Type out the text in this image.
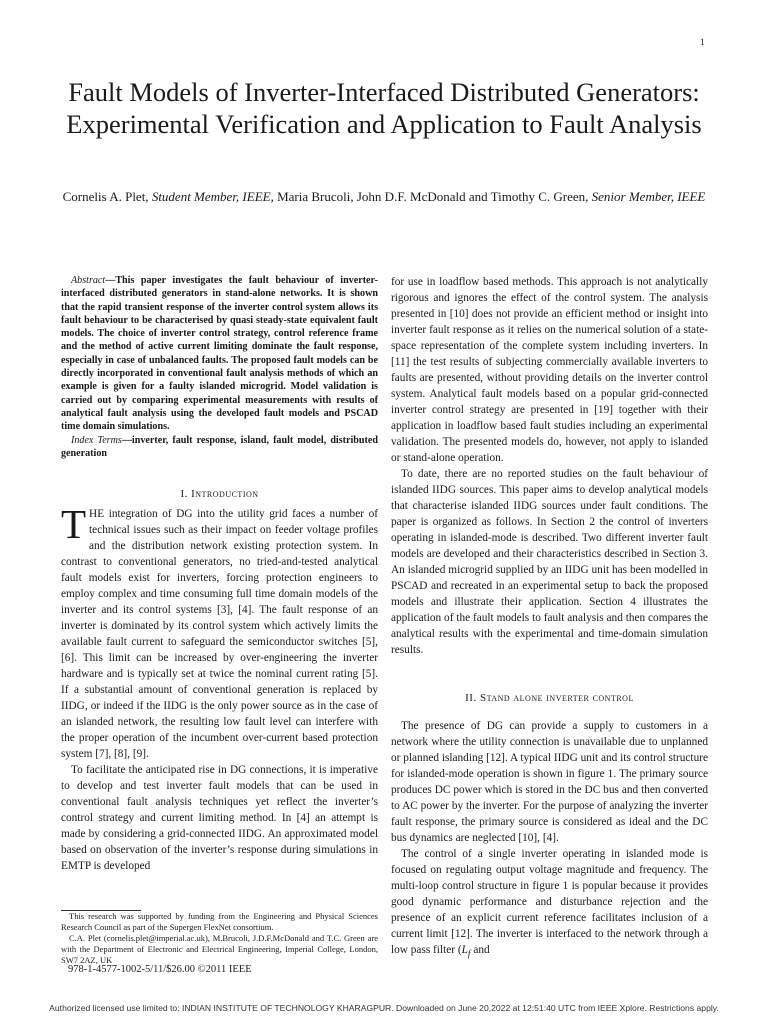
1
Fault Models of Inverter-Interfaced Distributed Generators: Experimental Verification and Application to Fault Analysis
Cornelis A. Plet, Student Member, IEEE, Maria Brucoli, John D.F. McDonald and Timothy C. Green, Senior Member, IEEE

Abstract—This paper investigates the fault behaviour of inverter-interfaced distributed generators in stand-alone networks. It is shown that the rapid transient response of the inverter control system allows its fault behaviour to be characterised by quasi steady-state equivalent fault models. The choice of inverter control strategy, control reference frame and the method of active current limiting dominate the fault response, especially in case of unbalanced faults. The proposed fault models can be directly incorporated in conventional fault analysis methods of which an example is given for a faulty islanded microgrid. Model validation is carried out by comparing experimental measurements with results of analytical fault analysis using the developed fault models and PSCAD time domain simulations.

Index Terms—inverter, fault response, island, fault model, distributed generation

I. Introduction

THE integration of DG into the utility grid faces a number of technical issues such as their impact on feeder voltage profiles and the distribution network existing protection system. In contrast to conventional generators, no tried-and-tested analytical fault models exist for inverters, forcing protection engineers to employ complex and time consuming full time domain models of the inverter and its control systems [3], [4]. The fault response of an inverter is dominated by its control system which actively limits the available fault current to safeguard the semiconductor switches [5], [6]. This limit can be increased by over-engineering the inverter hardware and is typically set at twice the nominal current rating [5]. If a substantial amount of conventional generation is replaced by IIDG, or indeed if the IIDG is the only power source as in the case of an islanded network, the resulting low fault level can interfere with the proper operation of the incumbent over-current based protection system [7], [8], [9].

To facilitate the anticipated rise in DG connections, it is imperative to develop and test inverter fault models that can be used in conventional fault analysis techniques yet reflect the inverter’s control strategy and current limiting method. In [4] an attempt is made by considering a grid-connected IIDG. An approximated model based on observation of the inverter’s response during simulations in EMTP is developed

for use in loadflow based methods. This approach is not analytically rigorous and ignores the effect of the control system. The analysis presented in [10] does not provide an efficient method or insight into inverter fault response as it relies on the numerical solution of a state-space representation of the complete system including inverters. In [11] the test results of subjecting commercially available inverters to faults are presented, without providing details on the inverter control system. Analytical fault models based on a popular grid-connected inverter control strategy are presented in [19] together with their application in loadflow based fault studies including an experimental validation. The presented models do, however, not apply to islanded or stand-alone operation.

To date, there are no reported studies on the fault behaviour of islanded IIDG sources. This paper aims to develop analytical models that characterise islanded IIDG sources under fault conditions. The paper is organized as follows. In Section 2 the control of inverters operating in islanded-mode is described. Two different inverter fault models are developed and their characteristics described in Section 3. An islanded microgrid supplied by an IIDG unit has been modelled in PSCAD and recreated in an experimental setup to back the proposed models and illustrate their application. Section 4 illustrates the application of the fault models to fault analysis and then compares the analytical results with the experimental and time-domain simulation results.

II. Stand alone inverter control

The presence of DG can provide a supply to customers in a network where the utility connection is unavailable due to unplanned or planned islanding [12]. A typical IIDG unit and its control structure for islanded-mode operation is shown in figure 1. The primary source produces DC power which is stored in the DC bus and then converted to AC power by the inverter. For the purpose of analyzing the inverter fault response, the primary source is considered as ideal and the DC bus dynamics are neglected [10], [4].

The control of a single inverter operating in islanded mode is focused on regulating output voltage magnitude and frequency. The multi-loop control structure in figure 1 is popular because it provides good dynamic performance and disturbance rejection and the presence of an explicit current reference facilitates inclusion of a current limit [12]. The inverter is interfaced to the network through a low pass filter ($L_f$ and

This research was supported by funding from the Engineering and Physical Sciences Research Council as part of the Supergen FlexNet consortium.

C.A. Plet (cornelis.plet@imperial.ac.uk), M.Brucoli, J.D.F.McDonald and T.C. Green are with the Department of Electronic and Electrical Engineering, Imperial College, London, SW7 2AZ, UK

978-1-4577-1002-5/11/$26.00 ©2011 IEEE
Authorized licensed use limited to: INDIAN INSTITUTE OF TECHNOLOGY KHARAGPUR. Downloaded on June 20,2022 at 12:51:40 UTC from IEEE Xplore. Restrictions apply.
